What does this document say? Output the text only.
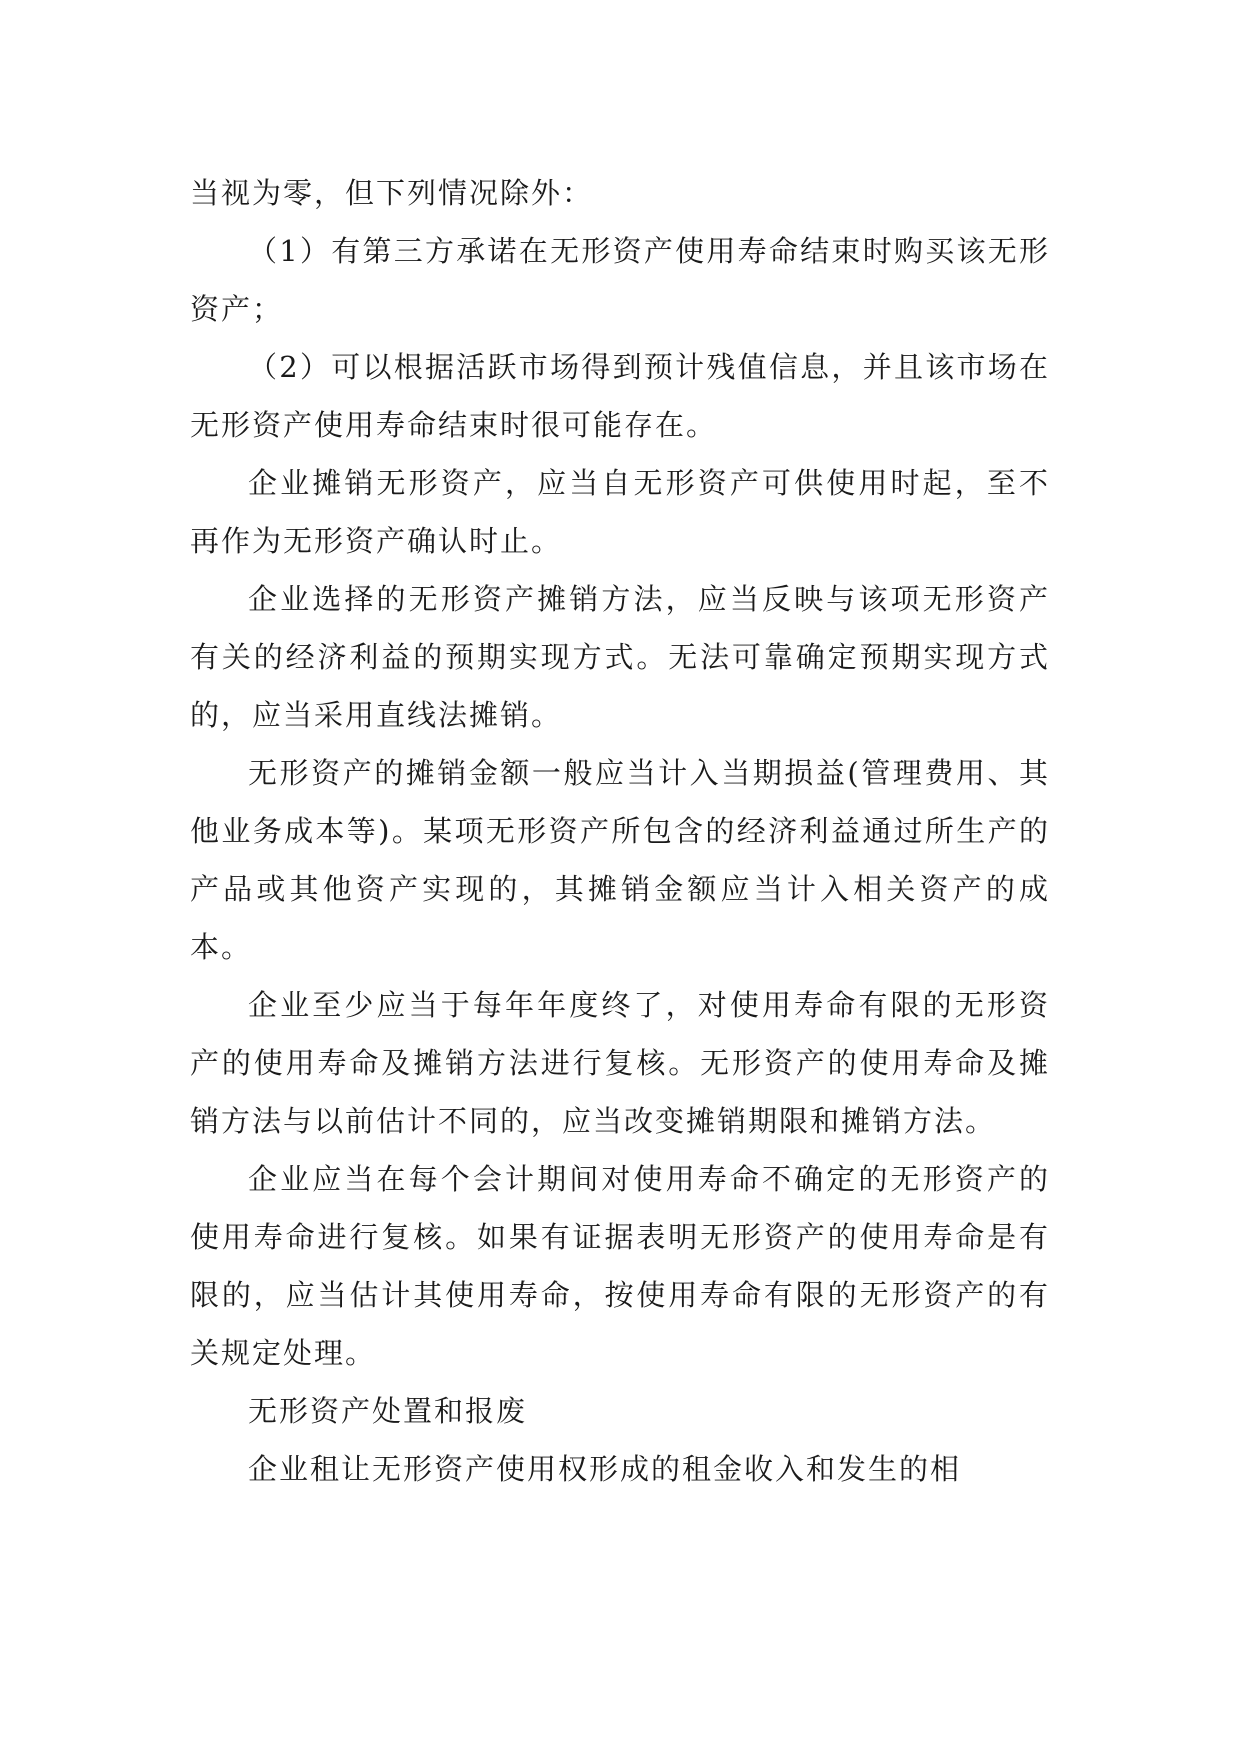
当视为零，但下列情况除外：

（1）有第三方承诺在无形资产使用寿命结束时购买该无形资产；

（2）可以根据活跃市场得到预计残值信息，并且该市场在无形资产使用寿命结束时很可能存在。

企业摊销无形资产，应当自无形资产可供使用时起，至不再作为无形资产确认时止。

企业选择的无形资产摊销方法，应当反映与该项无形资产有关的经济利益的预期实现方式。无法可靠确定预期实现方式的，应当采用直线法摊销。

无形资产的摊销金额一般应当计入当期损益(管理费用、其他业务成本等)。某项无形资产所包含的经济利益通过所生产的产品或其他资产实现的，其摊销金额应当计入相关资产的成本。

企业至少应当于每年年度终了，对使用寿命有限的无形资产的使用寿命及摊销方法进行复核。无形资产的使用寿命及摊销方法与以前估计不同的，应当改变摊销期限和摊销方法。

企业应当在每个会计期间对使用寿命不确定的无形资产的使用寿命进行复核。如果有证据表明无形资产的使用寿命是有限的，应当估计其使用寿命，按使用寿命有限的无形资产的有关规定处理。

无形资产处置和报废

企业租让无形资产使用权形成的租金收入和发生的相
